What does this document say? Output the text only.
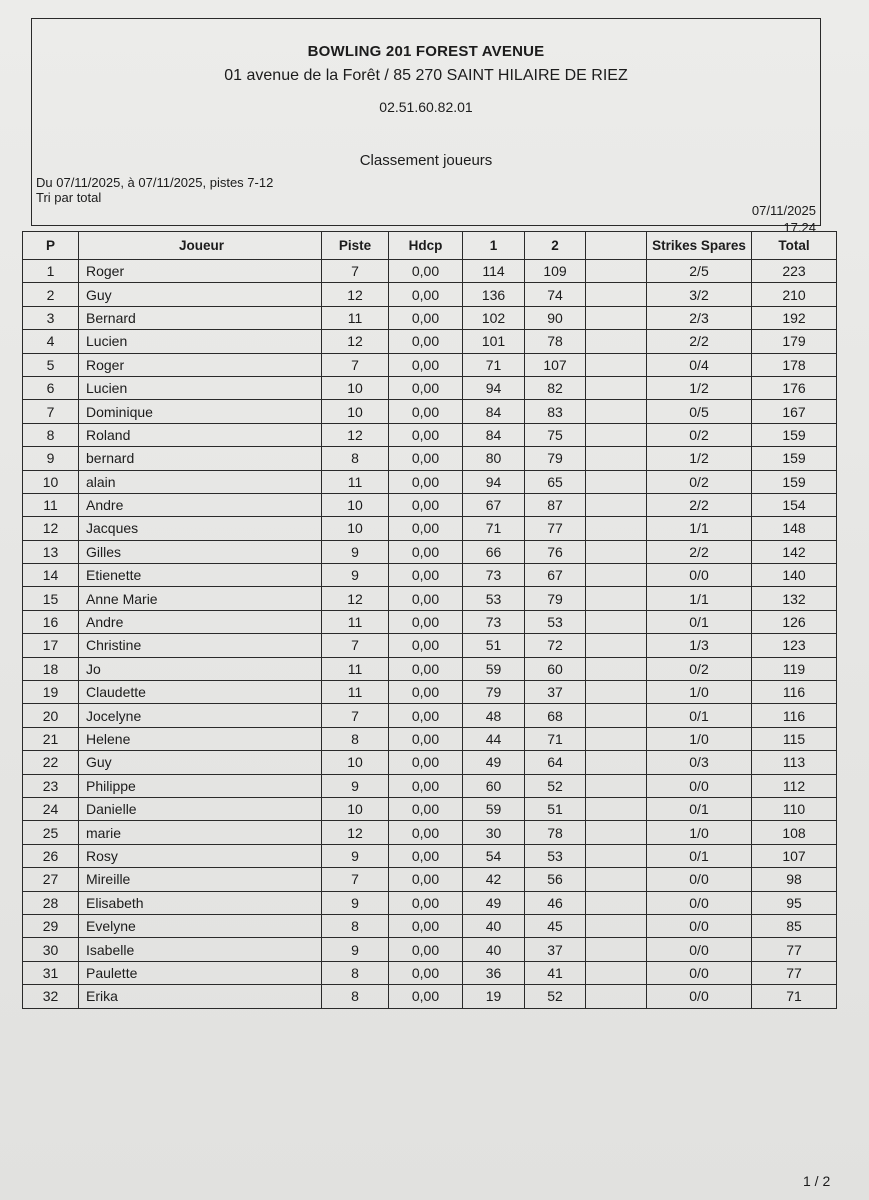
BOWLING 201 FOREST AVENUE
01 avenue de la Forêt / 85 270 SAINT HILAIRE DE RIEZ
02.51.60.82.01
Classement joueurs
Du 07/11/2025, à 07/11/2025, pistes 7-12
Tri par total
07/11/2025
17.24
P	Joueur	Piste	Hdcp	1	2		Strikes Spares	Total
1	Roger	7	0,00	114	109		2/5	223
2	Guy	12	0,00	136	74		3/2	210
3	Bernard	11	0,00	102	90		2/3	192
4	Lucien	12	0,00	101	78		2/2	179
5	Roger	7	0,00	71	107		0/4	178
6	Lucien	10	0,00	94	82		1/2	176
7	Dominique	10	0,00	84	83		0/5	167
8	Roland	12	0,00	84	75		0/2	159
9	bernard	8	0,00	80	79		1/2	159
10	alain	11	0,00	94	65		0/2	159
11	Andre	10	0,00	67	87		2/2	154
12	Jacques	10	0,00	71	77		1/1	148
13	Gilles	9	0,00	66	76		2/2	142
14	Etienette	9	0,00	73	67		0/0	140
15	Anne Marie	12	0,00	53	79		1/1	132
16	Andre	11	0,00	73	53		0/1	126
17	Christine	7	0,00	51	72		1/3	123
18	Jo	11	0,00	59	60		0/2	119
19	Claudette	11	0,00	79	37		1/0	116
20	Jocelyne	7	0,00	48	68		0/1	116
21	Helene	8	0,00	44	71		1/0	115
22	Guy	10	0,00	49	64		0/3	113
23	Philippe	9	0,00	60	52		0/0	112
24	Danielle	10	0,00	59	51		0/1	110
25	marie	12	0,00	30	78		1/0	108
26	Rosy	9	0,00	54	53		0/1	107
27	Mireille	7	0,00	42	56		0/0	98
28	Elisabeth	9	0,00	49	46		0/0	95
29	Evelyne	8	0,00	40	45		0/0	85
30	Isabelle	9	0,00	40	37		0/0	77
31	Paulette	8	0,00	36	41		0/0	77
32	Erika	8	0,00	19	52		0/0	71
1 / 2
